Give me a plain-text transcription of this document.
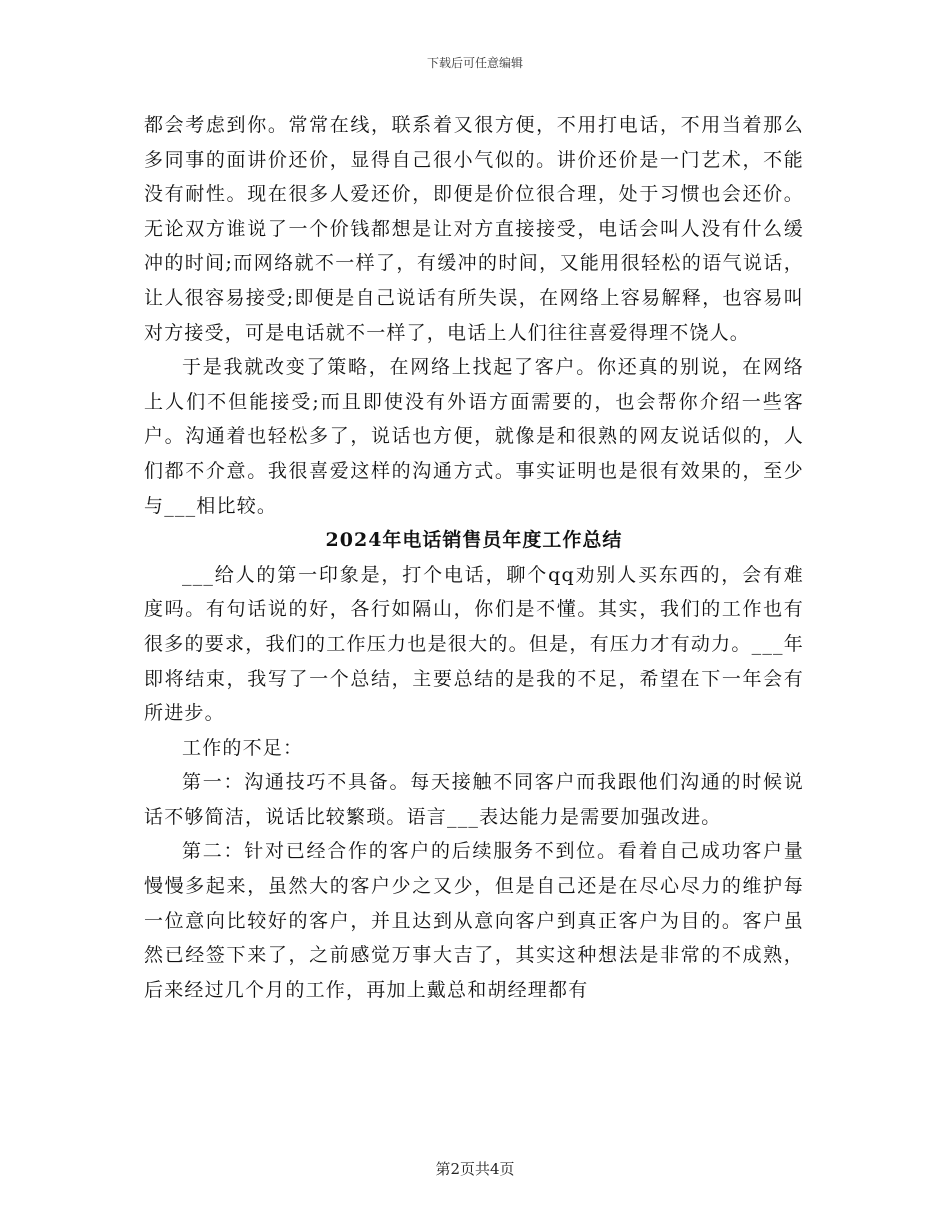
下载后可任意编辑

都会考虑到你。常常在线，联系着又很方便，不用打电话，不用当着那么多同事的面讲价还价，显得自己很小气似的。讲价还价是一门艺术，不能没有耐性。现在很多人爱还价，即便是价位很合理，处于习惯也会还价。无论双方谁说了一个价钱都想是让对方直接接受，电话会叫人没有什么缓冲的时间;而网络就不一样了，有缓冲的时间，又能用很轻松的语气说话，让人很容易接受;即便是自己说话有所失误，在网络上容易解释，也容易叫对方接受，可是电话就不一样了，电话上人们往往喜爱得理不饶人。

于是我就改变了策略，在网络上找起了客户。你还真的别说，在网络上人们不但能接受;而且即使没有外语方面需要的，也会帮你介绍一些客户。沟通着也轻松多了，说话也方便，就像是和很熟的网友说话似的，人们都不介意。我很喜爱这样的沟通方式。事实证明也是很有效果的，至少与___相比较。

2024年电话销售员年度工作总结

___给人的第一印象是，打个电话，聊个qq劝别人买东西的，会有难度吗。有句话说的好，各行如隔山，你们是不懂。其实，我们的工作也有很多的要求，我们的工作压力也是很大的。但是，有压力才有动力。___年即将结束，我写了一个总结，主要总结的是我的不足，希望在下一年会有所进步。

工作的不足：

第一：沟通技巧不具备。每天接触不同客户而我跟他们沟通的时候说话不够简洁，说话比较繁琐。语言___表达能力是需要加强改进。

第二：针对已经合作的客户的后续服务不到位。看着自己成功客户量慢慢多起来，虽然大的客户少之又少，但是自己还是在尽心尽力的维护每一位意向比较好的客户，并且达到从意向客户到真正客户为目的。客户虽然已经签下来了，之前感觉万事大吉了，其实这种想法是非常的不成熟，后来经过几个月的工作，再加上戴总和胡经理都有

第2页共4页
